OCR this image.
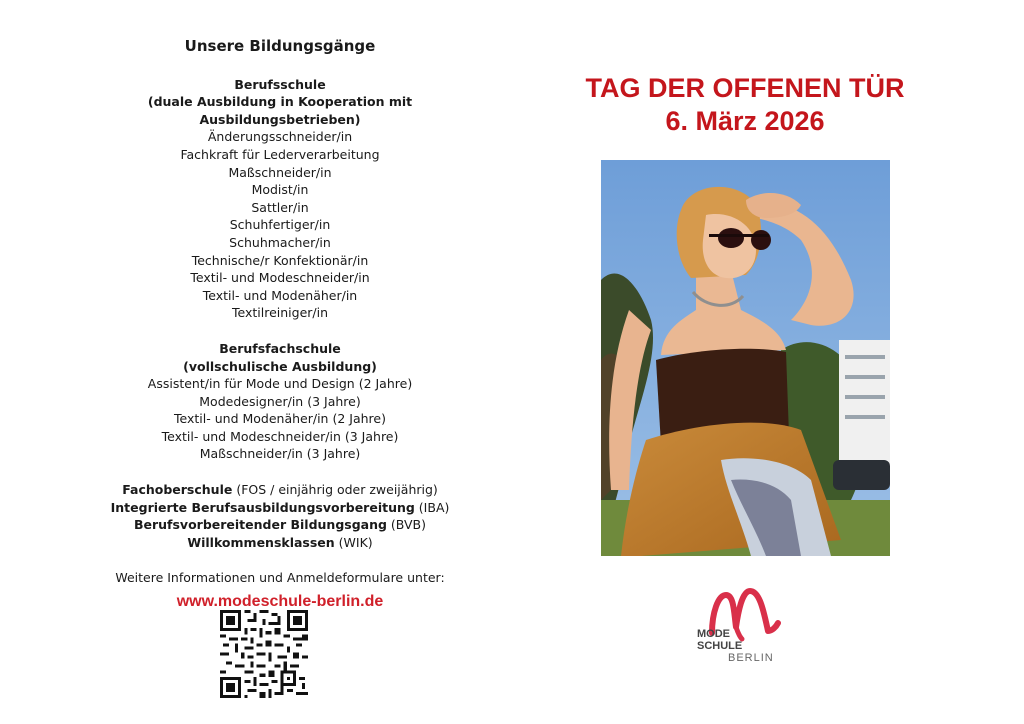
Unsere Bildungsgänge
Berufsschule
(duale Ausbildung in Kooperation mit Ausbildungsbetrieben)
Änderungsschneider/in
Fachkraft für Lederverarbeitung
Maßschneider/in
Modist/in
Sattler/in
Schuhfertiger/in
Schuhmacher/in
Technische/r Konfektionär/in
Textil- und Modeschneider/in
Textil- und Modenäher/in
Textilreiniger/in
Berufsfachschule
(vollschulische Ausbildung)
Assistent/in für Mode und Design (2 Jahre)
Modedesigner/in (3 Jahre)
Textil- und Modenäher/in (2 Jahre)
Textil- und Modeschneider/in (3 Jahre)
Maßschneider/in (3 Jahre)
Fachoberschule (FOS / einjährig oder zweijährig)
Integrierte Berufsausbildungsvorbereitung (IBA)
Berufsvorbereitender Bildungsgang (BVB)
Willkommensklassen (WIK)
Weitere Informationen und Anmeldeformulare unter:
www.modeschule-berlin.de
TAG DER OFFENEN TÜR
6. März 2026
MODE
SCHULE
BERLIN
